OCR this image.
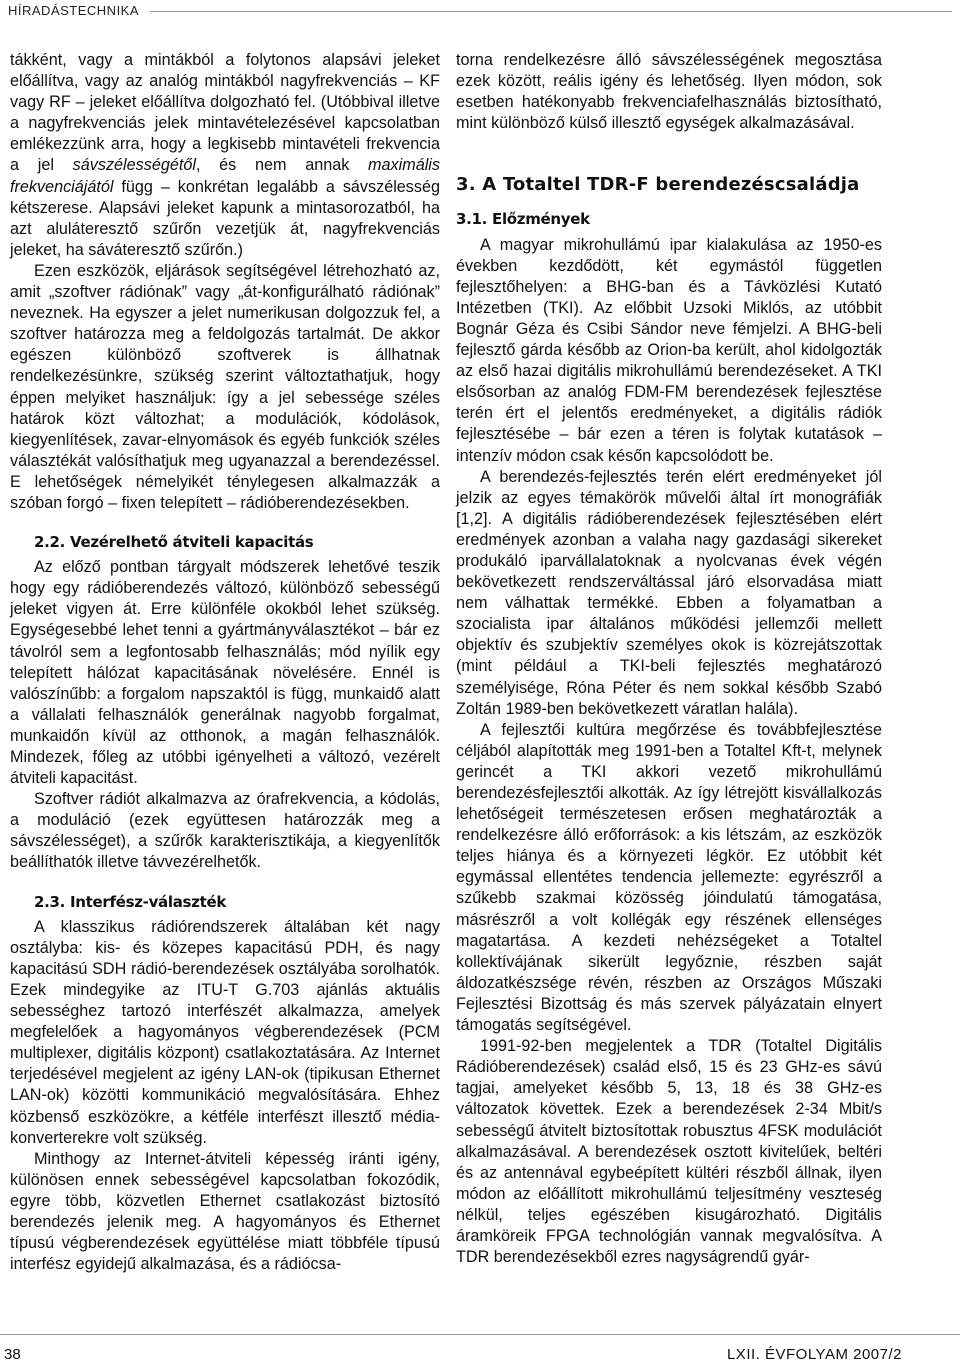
HÍRADÁSTECHNIKA

tákként, vagy a mintákból a folytonos alapsávi jeleket előállítva, vagy az analóg mintákból nagyfrekvenciás – KF vagy RF – jeleket előállítva dolgozható fel. (Utóbbival illetve a nagyfrekvenciás jelek mintavételezésével kapcsolatban emlékezzünk arra, hogy a legkisebb mintavételi frekvencia a jel sávszélességétől, és nem annak maximális frekvenciájától függ – konkrétan legalább a sávszélesség kétszerese. Alapsávi jeleket kapunk a mintasorozatból, ha azt aluláteresztő szűrőn vezetjük át, nagyfrekvenciás jeleket, ha sáváteresztő szűrőn.)

Ezen eszközök, eljárások segítségével létrehozható az, amit „szoftver rádiónak” vagy „át-konfigurálható rádiónak” neveznek. Ha egyszer a jelet numerikusan dolgozzuk fel, a szoftver határozza meg a feldolgozás tartalmát. De akkor egészen különböző szoftverek is állhatnak rendelkezésünkre, szükség szerint változtathatjuk, hogy éppen melyiket használjuk: így a jel sebessége széles határok közt változhat; a modulációk, kódolások, kiegyenlítések, zavar-elnyomások és egyéb funkciók széles választékát valósíthatjuk meg ugyanazzal a berendezéssel. E lehetőségek némelyikét ténylegesen alkalmazzák a szóban forgó – fixen telepített – rádióberendezésekben.

2.2. Vezérelhető átviteli kapacitás

Az előző pontban tárgyalt módszerek lehetővé teszik hogy egy rádióberendezés változó, különböző sebességű jeleket vigyen át. Erre különféle okokból lehet szükség. Egységesebbé lehet tenni a gyártmányválasztékot – bár ez távolról sem a legfontosabb felhasználás; mód nyílik egy telepített hálózat kapacitásának növelésére. Ennél is valószínűbb: a forgalom napszaktól is függ, munkaidő alatt a vállalati felhasználók generálnak nagyobb forgalmat, munkaidőn kívül az otthonok, a magán felhasználók. Mindezek, főleg az utóbbi igényelheti a változó, vezérelt átviteli kapacitást.

Szoftver rádiót alkalmazva az órafrekvencia, a kódolás, a moduláció (ezek együttesen határozzák meg a sávszélességet), a szűrők karakterisztikája, a kiegyenlítők beállíthatók illetve távvezérelhetők.

2.3. Interfész-választék

A klasszikus rádiórendszerek általában két nagy osztályba: kis- és közepes kapacitású PDH, és nagy kapacitású SDH rádió-berendezések osztályába sorolhatók. Ezek mindegyike az ITU-T G.703 ajánlás aktuális sebességhez tartozó interfészét alkalmazza, amelyek megfelelőek a hagyományos végberendezések (PCM multiplexer, digitális központ) csatlakoztatására. Az Internet terjedésével megjelent az igény LAN-ok (tipikusan Ethernet LAN-ok) közötti kommunikáció megvalósítására. Ehhez közbenső eszközökre, a kétféle interfészt illesztő média-konverterekre volt szükség.

Minthogy az Internet-átviteli képesség iránti igény, különösen ennek sebességével kapcsolatban fokozódik, egyre több, közvetlen Ethernet csatlakozást biztosító berendezés jelenik meg. A hagyományos és Ethernet típusú végberendezések együttélése miatt többféle típusú interfész egyidejű alkalmazása, és a rádiócsa-

torna rendelkezésre álló sávszélességének megosztása ezek között, reális igény és lehetőség. Ilyen módon, sok esetben hatékonyabb frekvenciafelhasználás biztosítható, mint különböző külső illesztő egységek alkalmazásával.

3. A Totaltel TDR-F berendezéscsaládja
3.1. Előzmények

A magyar mikrohullámú ipar kialakulása az 1950-es években kezdődött, két egymástól független fejlesztőhelyen: a BHG-ban és a Távközlési Kutató Intézetben (TKI). Az előbbit Uzsoki Miklós, az utóbbit Bognár Géza és Csibi Sándor neve fémjelzi. A BHG-beli fejlesztő gárda később az Orion-ba került, ahol kidolgozták az első hazai digitális mikrohullámú berendezéseket. A TKI elsősorban az analóg FDM-FM berendezések fejlesztése terén ért el jelentős eredményeket, a digitális rádiók fejlesztésébe – bár ezen a téren is folytak kutatások – intenzív módon csak későn kapcsolódott be.

A berendezés-fejlesztés terén elért eredményeket jól jelzik az egyes témakörök művelői által írt monográfiák [1,2]. A digitális rádióberendezések fejlesztésében elért eredmények azonban a valaha nagy gazdasági sikereket produkáló iparvállalatoknak a nyolcvanas évek végén bekövetkezett rendszerváltással járó elsorvadása miatt nem válhattak termékké. Ebben a folyamatban a szocialista ipar általános működési jellemzői mellett objektív és szubjektív személyes okok is közrejátszottak (mint például a TKI-beli fejlesztés meghatározó személyisége, Róna Péter és nem sokkal később Szabó Zoltán 1989-ben bekövetkezett váratlan halála).

A fejlesztői kultúra megőrzése és továbbfejlesztése céljából alapították meg 1991-ben a Totaltel Kft-t, melynek gerincét a TKI akkori vezető mikrohullámú berendezésfejlesztői alkották. Az így létrejött kisvállalkozás lehetőségeit természetesen erősen meghatározták a rendelkezésre álló erőforrások: a kis létszám, az eszközök teljes hiánya és a környezeti légkör. Ez utóbbit két egymással ellentétes tendencia jellemezte: egyrészről a szűkebb szakmai közösség jóindulatú támogatása, másrészről a volt kollégák egy részének ellenséges magatartása. A kezdeti nehézségeket a Totaltel kollektívájának sikerült legyőznie, részben saját áldozatkészsége révén, részben az Országos Műszaki Fejlesztési Bizottság és más szervek pályázatain elnyert támogatás segítségével.

1991-92-ben megjelentek a TDR (Totaltel Digitális Rádióberendezések) család első, 15 és 23 GHz-es sávú tagjai, amelyeket később 5, 13, 18 és 38 GHz-es változatok követtek. Ezek a berendezések 2-34 Mbit/s sebességű átvitelt biztosítottak robusztus 4FSK modulációt alkalmazásával. A berendezések osztott kivitelűek, beltéri és az antennával egybeépített kültéri részből állnak, ilyen módon az előállított mikrohullámú teljesítmény veszteség nélkül, teljes egészében kisugározható. Digitális áramköreik FPGA technológián vannak megvalósítva. A TDR berendezésekből ezres nagyságrendű gyár-

38	LXII. ÉVFOLYAM 2007/2
